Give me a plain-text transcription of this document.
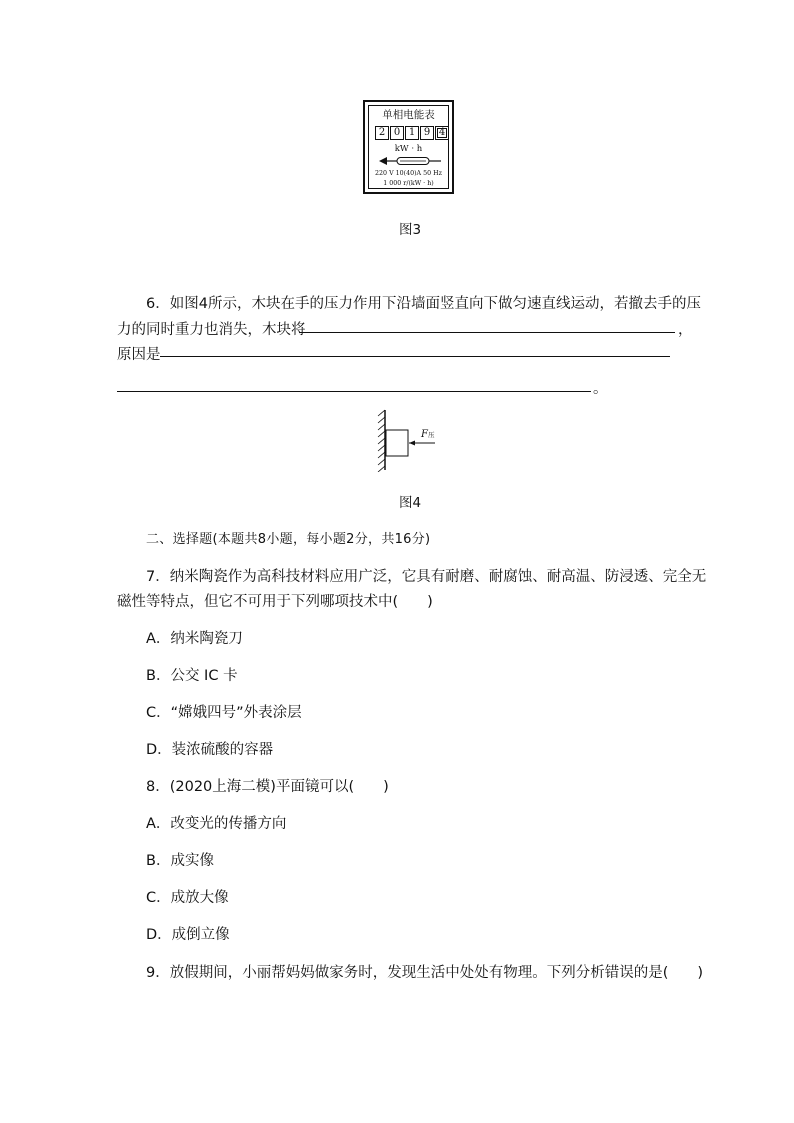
单相电能表
2 0 1 9 4
kW · h
220 V 10(40)A 50 Hz
1 000 r/(kW · h)
图3
6．如图4所示，木块在手的压力作用下沿墙面竖直向下做匀速直线运动，若撤去手的压
力的同时重力也消失，木块将	，
原因是
。
F压
图4
二、选择题(本题共8小题，每小题2分，共16分)
7．纳米陶瓷作为高科技材料应用广泛，它具有耐磨、耐腐蚀、耐高温、防浸透、完全无
磁性等特点，但它不可用于下列哪项技术中(　　)
A．纳米陶瓷刀
B．公交 IC 卡
C．“嫦娥四号”外表涂层
D．装浓硫酸的容器
8．(2020上海二模)平面镜可以(　　)
A．改变光的传播方向
B．成实像
C．成放大像
D．成倒立像
9．放假期间，小丽帮妈妈做家务时，发现生活中处处有物理。下列分析错误的是(　　)
